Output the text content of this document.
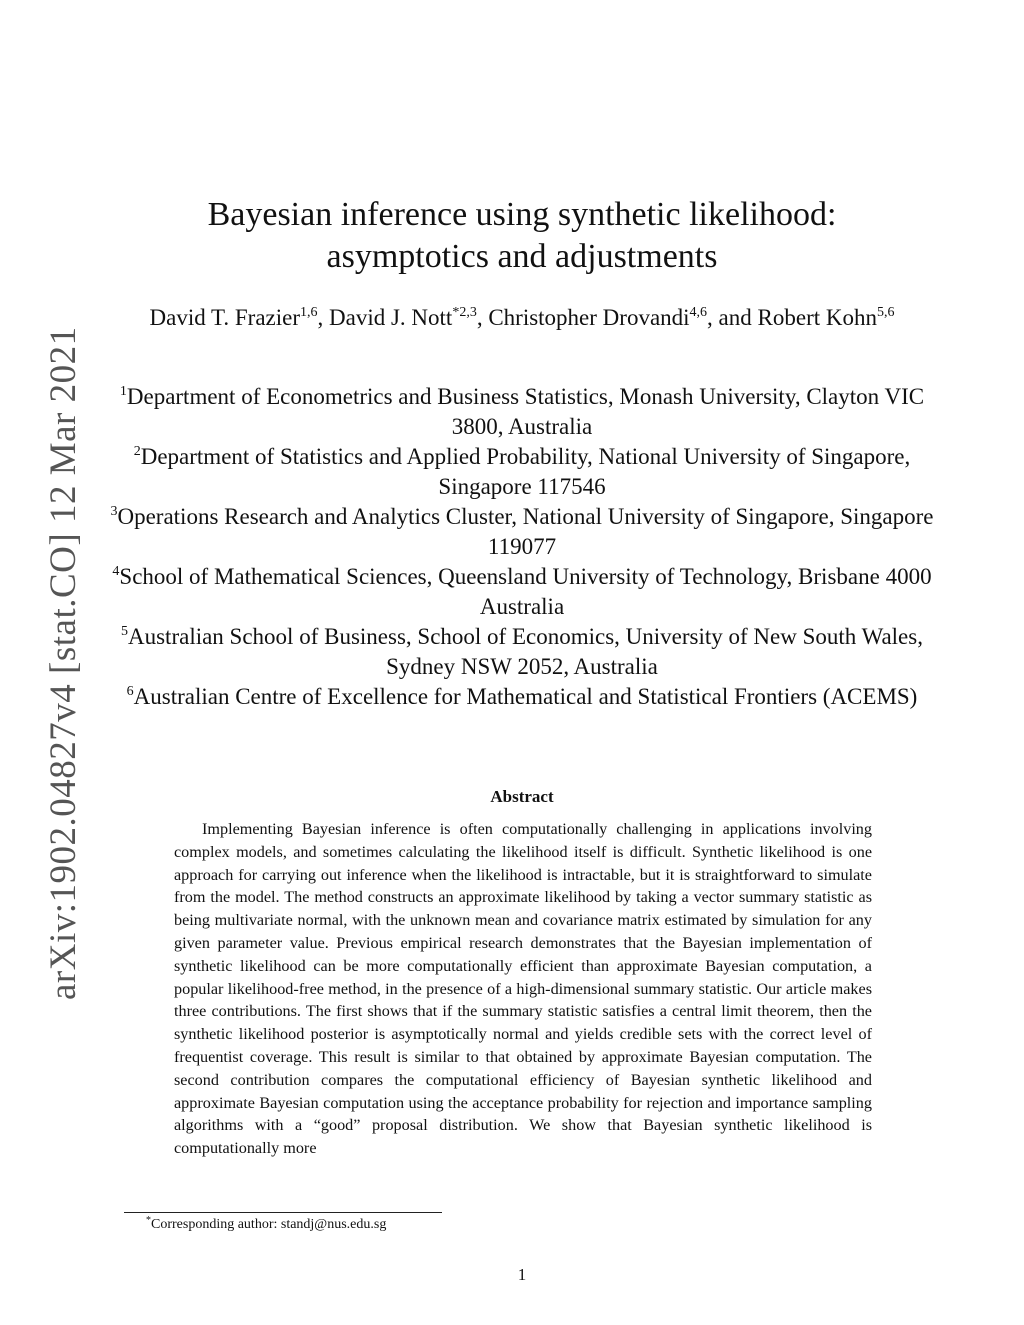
arXiv:1902.04827v4 [stat.CO] 12 Mar 2021
Bayesian inference using synthetic likelihood:
asymptotics and adjustments
David T. Frazier$^{1,6}$, David J. Nott$^{*2,3}$, Christopher Drovandi$^{4,6}$, and Robert Kohn$^{5,6}$
$^1$Department of Econometrics and Business Statistics, Monash University, Clayton VIC 3800, Australia
$^2$Department of Statistics and Applied Probability, National University of Singapore, Singapore 117546
$^3$Operations Research and Analytics Cluster, National University of Singapore, Singapore 119077
$^4$School of Mathematical Sciences, Queensland University of Technology, Brisbane 4000 Australia
$^5$Australian School of Business, School of Economics, University of New South Wales, Sydney NSW 2052, Australia
$^6$Australian Centre of Excellence for Mathematical and Statistical Frontiers (ACEMS)
Abstract
Implementing Bayesian inference is often computationally challenging in applications involving complex models, and sometimes calculating the likelihood itself is difficult. Synthetic likelihood is one approach for carrying out inference when the likelihood is intractable, but it is straightforward to simulate from the model. The method constructs an approximate likelihood by taking a vector summary statistic as being multivariate normal, with the unknown mean and covariance matrix estimated by simulation for any given parameter value. Previous empirical research demonstrates that the Bayesian implementation of synthetic likelihood can be more computationally efficient than approximate Bayesian computation, a popular likelihood-free method, in the presence of a high-dimensional summary statistic. Our article makes three contributions. The first shows that if the summary statistic satisfies a central limit theorem, then the synthetic likelihood posterior is asymptotically normal and yields credible sets with the correct level of frequentist coverage. This result is similar to that obtained by approximate Bayesian computation. The second contribution compares the computational efficiency of Bayesian synthetic likelihood and approximate Bayesian computation using the acceptance probability for rejection and importance sampling algorithms with a “good” proposal distribution. We show that Bayesian synthetic likelihood is computationally more
*Corresponding author: standj@nus.edu.sg
1
